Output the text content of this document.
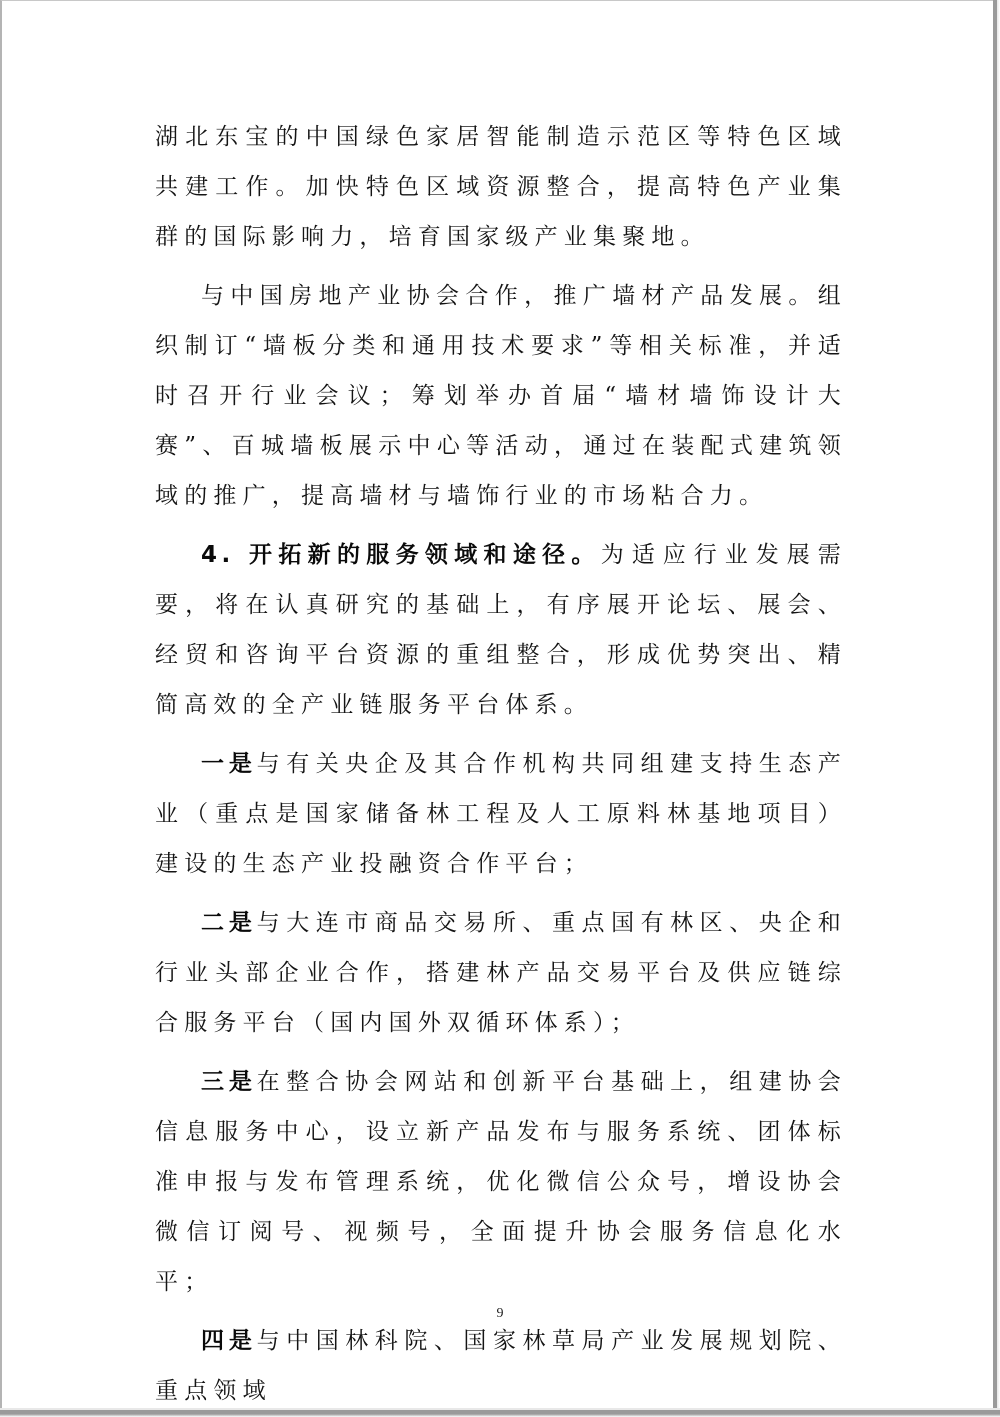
湖北东宝的中国绿色家居智能制造示范区等特色区域共建工作。加快特色区域资源整合，提高特色产业集群的国际影响力，培育国家级产业集聚地。

与中国房地产业协会合作，推广墙材产品发展。组织制订“墙板分类和通用技术要求”等相关标准，并适时召开行业会议；筹划举办首届“墙材墙饰设计大赛”、百城墙板展示中心等活动，通过在装配式建筑领域的推广，提高墙材与墙饰行业的市场粘合力。

4. 开拓新的服务领域和途径。为适应行业发展需要，将在认真研究的基础上，有序展开论坛、展会、经贸和咨询平台资源的重组整合，形成优势突出、精简高效的全产业链服务平台体系。

一是与有关央企及其合作机构共同组建支持生态产业（重点是国家储备林工程及人工原料林基地项目）建设的生态产业投融资合作平台；

二是与大连市商品交易所、重点国有林区、央企和行业头部企业合作，搭建林产品交易平台及供应链综合服务平台（国内国外双循环体系）；

三是在整合协会网站和创新平台基础上，组建协会信息服务中心，设立新产品发布与服务系统、团体标准申报与发布管理系统，优化微信公众号，增设协会微信订阅号、视频号，全面提升协会服务信息化水平；

四是与中国林科院、国家林草局产业发展规划院、重点领域

9
